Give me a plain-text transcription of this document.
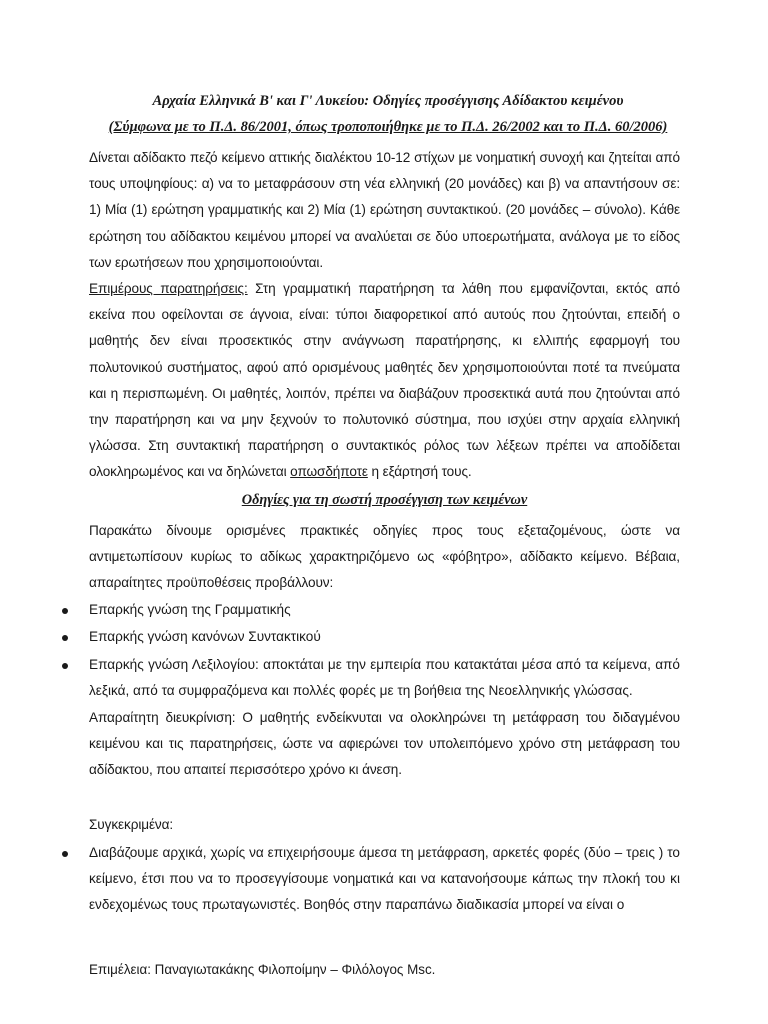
Αρχαία Ελληνικά Β' και Γ' Λυκείου: Οδηγίες προσέγγισης Αδίδακτου κειμένου
(Σύμφωνα με το Π.Δ. 86/2001, όπως τροποποιήθηκε με το Π.Δ. 26/2002 και το Π.Δ. 60/2006)

Δίνεται αδίδακτο πεζό κείμενο αττικής διαλέκτου 10-12 στίχων με νοηματική συνοχή και ζητείται από τους υποψηφίους: α) να το μεταφράσουν στη νέα ελληνική (20 μονάδες) και β) να απαντήσουν σε: 1) Μία (1) ερώτηση γραμματικής και 2) Μία (1) ερώτηση συντακτικού. (20 μονάδες – σύνολο). Κάθε ερώτηση του αδίδακτου κειμένου μπορεί να αναλύεται σε δύο υποερωτήματα, ανάλογα με το είδος των ερωτήσεων που χρησιμοποιούνται.

Επιμέρους παρατηρήσεις: Στη γραμματική παρατήρηση τα λάθη που εμφανίζονται, εκτός από εκείνα που οφείλονται σε άγνοια, είναι: τύποι διαφορετικοί από αυτούς που ζητούνται, επειδή ο μαθητής δεν είναι προσεκτικός στην ανάγνωση παρατήρησης, κι ελλιπής εφαρμογή του πολυτονικού συστήματος, αφού από ορισμένους μαθητές δεν χρησιμοποιούνται ποτέ τα πνεύματα και η περισπωμένη. Οι μαθητές, λοιπόν, πρέπει να διαβάζουν προσεκτικά αυτά που ζητούνται από την παρατήρηση και να μην ξεχνούν το πολυτονικό σύστημα, που ισχύει στην αρχαία ελληνική γλώσσα. Στη συντακτική παρατήρηση ο συντακτικός ρόλος των λέξεων πρέπει να αποδίδεται ολοκληρωμένος και να δηλώνεται οπωσδήποτε η εξάρτησή τους.

Οδηγίες για τη σωστή προσέγγιση των κειμένων

Παρακάτω δίνουμε ορισμένες πρακτικές οδηγίες προς τους εξεταζομένους, ώστε να αντιμετωπίσουν κυρίως το αδίκως χαρακτηριζόμενο ως «φόβητρο», αδίδακτο κείμενο. Βέβαια, απαραίτητες προϋποθέσεις προβάλλουν:

Επαρκής γνώση της Γραμματικής
Επαρκής γνώση κανόνων Συντακτικού
Επαρκής γνώση Λεξιλογίου: αποκτάται με την εμπειρία που κατακτάται μέσα από τα κείμενα, από λεξικά, από τα συμφραζόμενα και πολλές φορές με τη βοήθεια της Νεοελληνικής γλώσσας.

Απαραίτητη διευκρίνιση: Ο μαθητής ενδείκνυται να ολοκληρώνει τη μετάφραση του διδαγμένου κειμένου και τις παρατηρήσεις, ώστε να αφιερώνει τον υπολειπόμενο χρόνο στη μετάφραση του αδίδακτου, που απαιτεί περισσότερο χρόνο κι άνεση.

Συγκεκριμένα:

Διαβάζουμε αρχικά, χωρίς να επιχειρήσουμε άμεσα τη μετάφραση, αρκετές φορές (δύο – τρεις ) το κείμενο, έτσι που να το προσεγγίσουμε νοηματικά και να κατανοήσουμε κάπως την πλοκή του κι ενδεχομένως τους πρωταγωνιστές. Βοηθός στην παραπάνω διαδικασία μπορεί να είναι ο
Επιμέλεια: Παναγιωτακάκης Φιλοποίμην – Φιλόλογος Msc.
